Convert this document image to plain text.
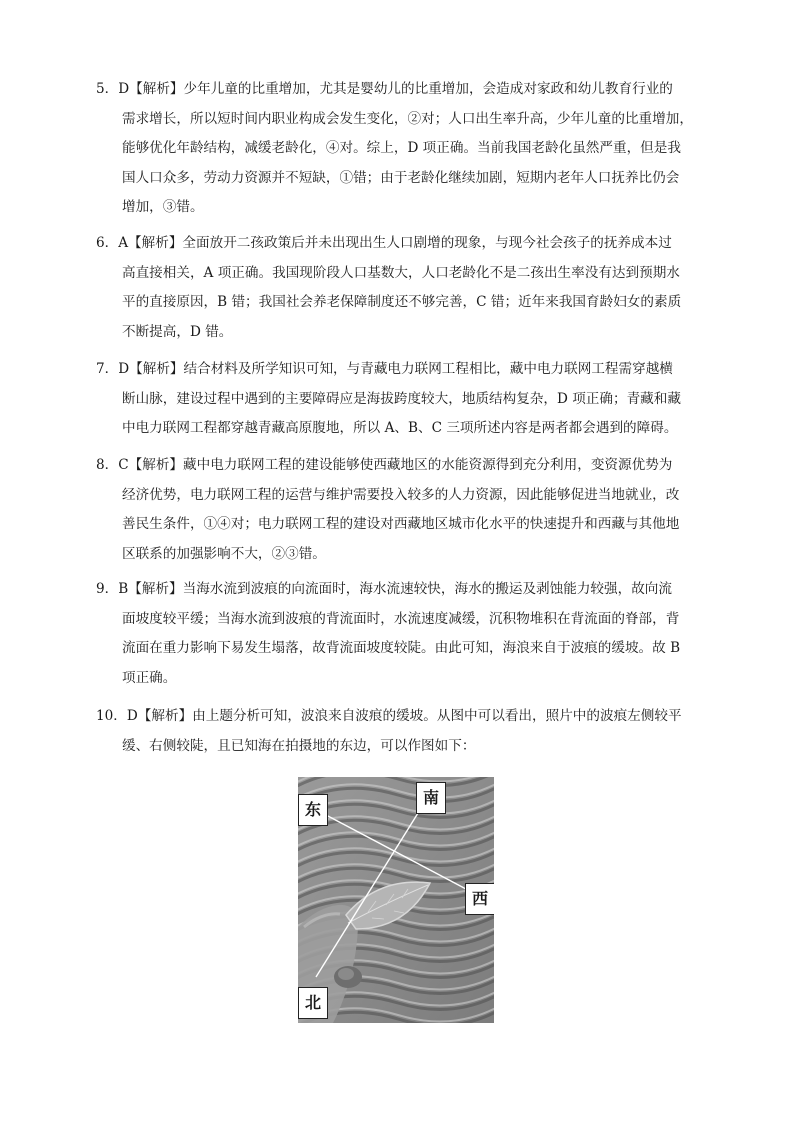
5．D【解析】少年儿童的比重增加，尤其是婴幼儿的比重增加，会造成对家政和幼儿教育行业的
需求增长，所以短时间内职业构成会发生变化，②对；人口出生率升高，少年儿童的比重增加，
能够优化年龄结构，减缓老龄化，④对。综上，D 项正确。当前我国老龄化虽然严重，但是我
国人口众多，劳动力资源并不短缺，①错；由于老龄化继续加剧，短期内老年人口抚养比仍会
增加，③错。
6．A【解析】全面放开二孩政策后并未出现出生人口剧增的现象，与现今社会孩子的抚养成本过
高直接相关，A 项正确。我国现阶段人口基数大，人口老龄化不是二孩出生率没有达到预期水
平的直接原因，B 错；我国社会养老保障制度还不够完善，C 错；近年来我国育龄妇女的素质
不断提高，D 错。
7．D【解析】结合材料及所学知识可知，与青藏电力联网工程相比，藏中电力联网工程需穿越横
断山脉，建设过程中遇到的主要障碍应是海拔跨度较大，地质结构复杂，D 项正确；青藏和藏
中电力联网工程都穿越青藏高原腹地，所以 A、B、C 三项所述内容是两者都会遇到的障碍。
8．C【解析】藏中电力联网工程的建设能够使西藏地区的水能资源得到充分利用，变资源优势为
经济优势，电力联网工程的运营与维护需要投入较多的人力资源，因此能够促进当地就业，改
善民生条件，①④对；电力联网工程的建设对西藏地区城市化水平的快速提升和西藏与其他地
区联系的加强影响不大，②③错。
9．B【解析】当海水流到波痕的向流面时，海水流速较快，海水的搬运及剥蚀能力较强，故向流
面坡度较平缓；当海水流到波痕的背流面时，水流速度减缓，沉积物堆积在背流面的脊部，背
流面在重力影响下易发生塌落，故背流面坡度较陡。由此可知，海浪来自于波痕的缓坡。故 B
项正确。
10．D【解析】由上题分析可知，波浪来自波痕的缓坡。从图中可以看出，照片中的波痕左侧较平
缓、右侧较陡，且已知海在拍摄地的东边，可以作图如下：
东
南
西
北
